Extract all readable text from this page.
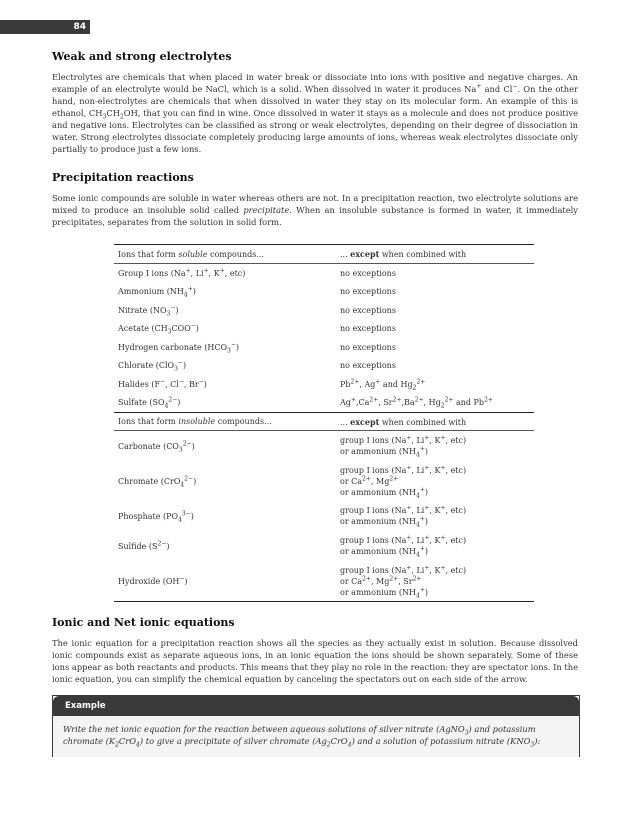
84
Weak and strong electrolytes

Electrolytes are chemicals that when placed in water break or dissociate into ions with positive and negative charges. An example of an electrolyte would be NaCl, which is a solid. When dissolved in water it produces Na+ and Cl−. On the other hand, non-electrolytes are chemicals that when dissolved in water they stay on its molecular form. An example of this is ethanol, $CH_3CH_2OH$, that you can find in wine. Once dissolved in water it stays as a molecule and does not produce positive and negative ions. Electrolytes can be classified as strong or weak electrolytes, depending on their degree of dissociation in water. Strong electrolytes dissociate completely producing large amounts of ions, whereas weak electrolytes dissociate only partially to produce just a few ions.

Precipitation reactions

Some ionic compounds are soluble in water whereas others are not. In a precipitation reaction, two electrolyte solutions are mixed to produce an insoluble solid called precipitate. When an insoluble substance is formed in water, it immediately precipitates, separates from the solution in solid form.

Ions that form soluble compounds...	... except when combined with
Group I ions (Na+, Li+, K+, etc)	no exceptions
Ammonium $(NH_4^+)$	no exceptions
Nitrate $(NO_3^-)$	no exceptions
Acetate $(CH_3COO^-)$	no exceptions
Hydrogen carbonate $(HCO_3^-)$	no exceptions
Chlorate (ClO$_3$−)	no exceptions
Halides (F−, Cl−, Br−)	$Pb^{2+}$, Ag+ and $Hg_2^{2+}$
Sulfate $(SO_4^{2-})$	$Ag^+,Ca^{2+}$, $Sr^{2+},Ba^{2+}$, $Hg_2^{2+}$ and $Pb^{2+}$
Ions that form insoluble compounds...	... except when combined with
Carbonate $(CO_3^{2-})$	group I ions (Na+, Li+, K+, etc)
or ammonium $(NH_4^+)$
Chromate (CrO$_4^{2-}$)	group I ions (Na+, Li+, K+, etc)
or $Ca^{2+}$, $Mg^{2+}$
or ammonium $(NH_4^+)$
Phosphate $(PO_4^{3-})$	group I ions (Na+, Li+, K+, etc)
or ammonium $(NH_4^+)$
Sulfide $(S^{2-})$	group I ions (Na+, Li+, K+, etc)
or ammonium $(NH_4^+)$
Hydroxide (OH−)	group I ions (Na+, Li+, K+, etc)
or $Ca^{2+}$, $Mg^{2+}$, $Sr^{2+}$
or ammonium $(NH_4^+)$
Ionic and Net ionic equations

The ionic equation for a precipitation reaction shows all the species as they actually exist in solution. Because dissolved ionic compounds exist as separate aqueous ions, in an ionic equation the ions should be shown separately. Some of these ions appear as both reactants and products. This means that they play no role in the reaction: they are spectator ions. In the ionic equation, you can simplify the chemical equation by canceling the spectators out on each side of the arrow.

Example
Write the net ionic equation for the reaction between aqueous solutions of silver nitrate (AgNO$_3$) and potassium chromate $(K_2CrO_4)$ to give a precipitate of silver chromate $(Ag_2CrO_4)$ and a solution of potassium nitrate $(KNO_3)$:
